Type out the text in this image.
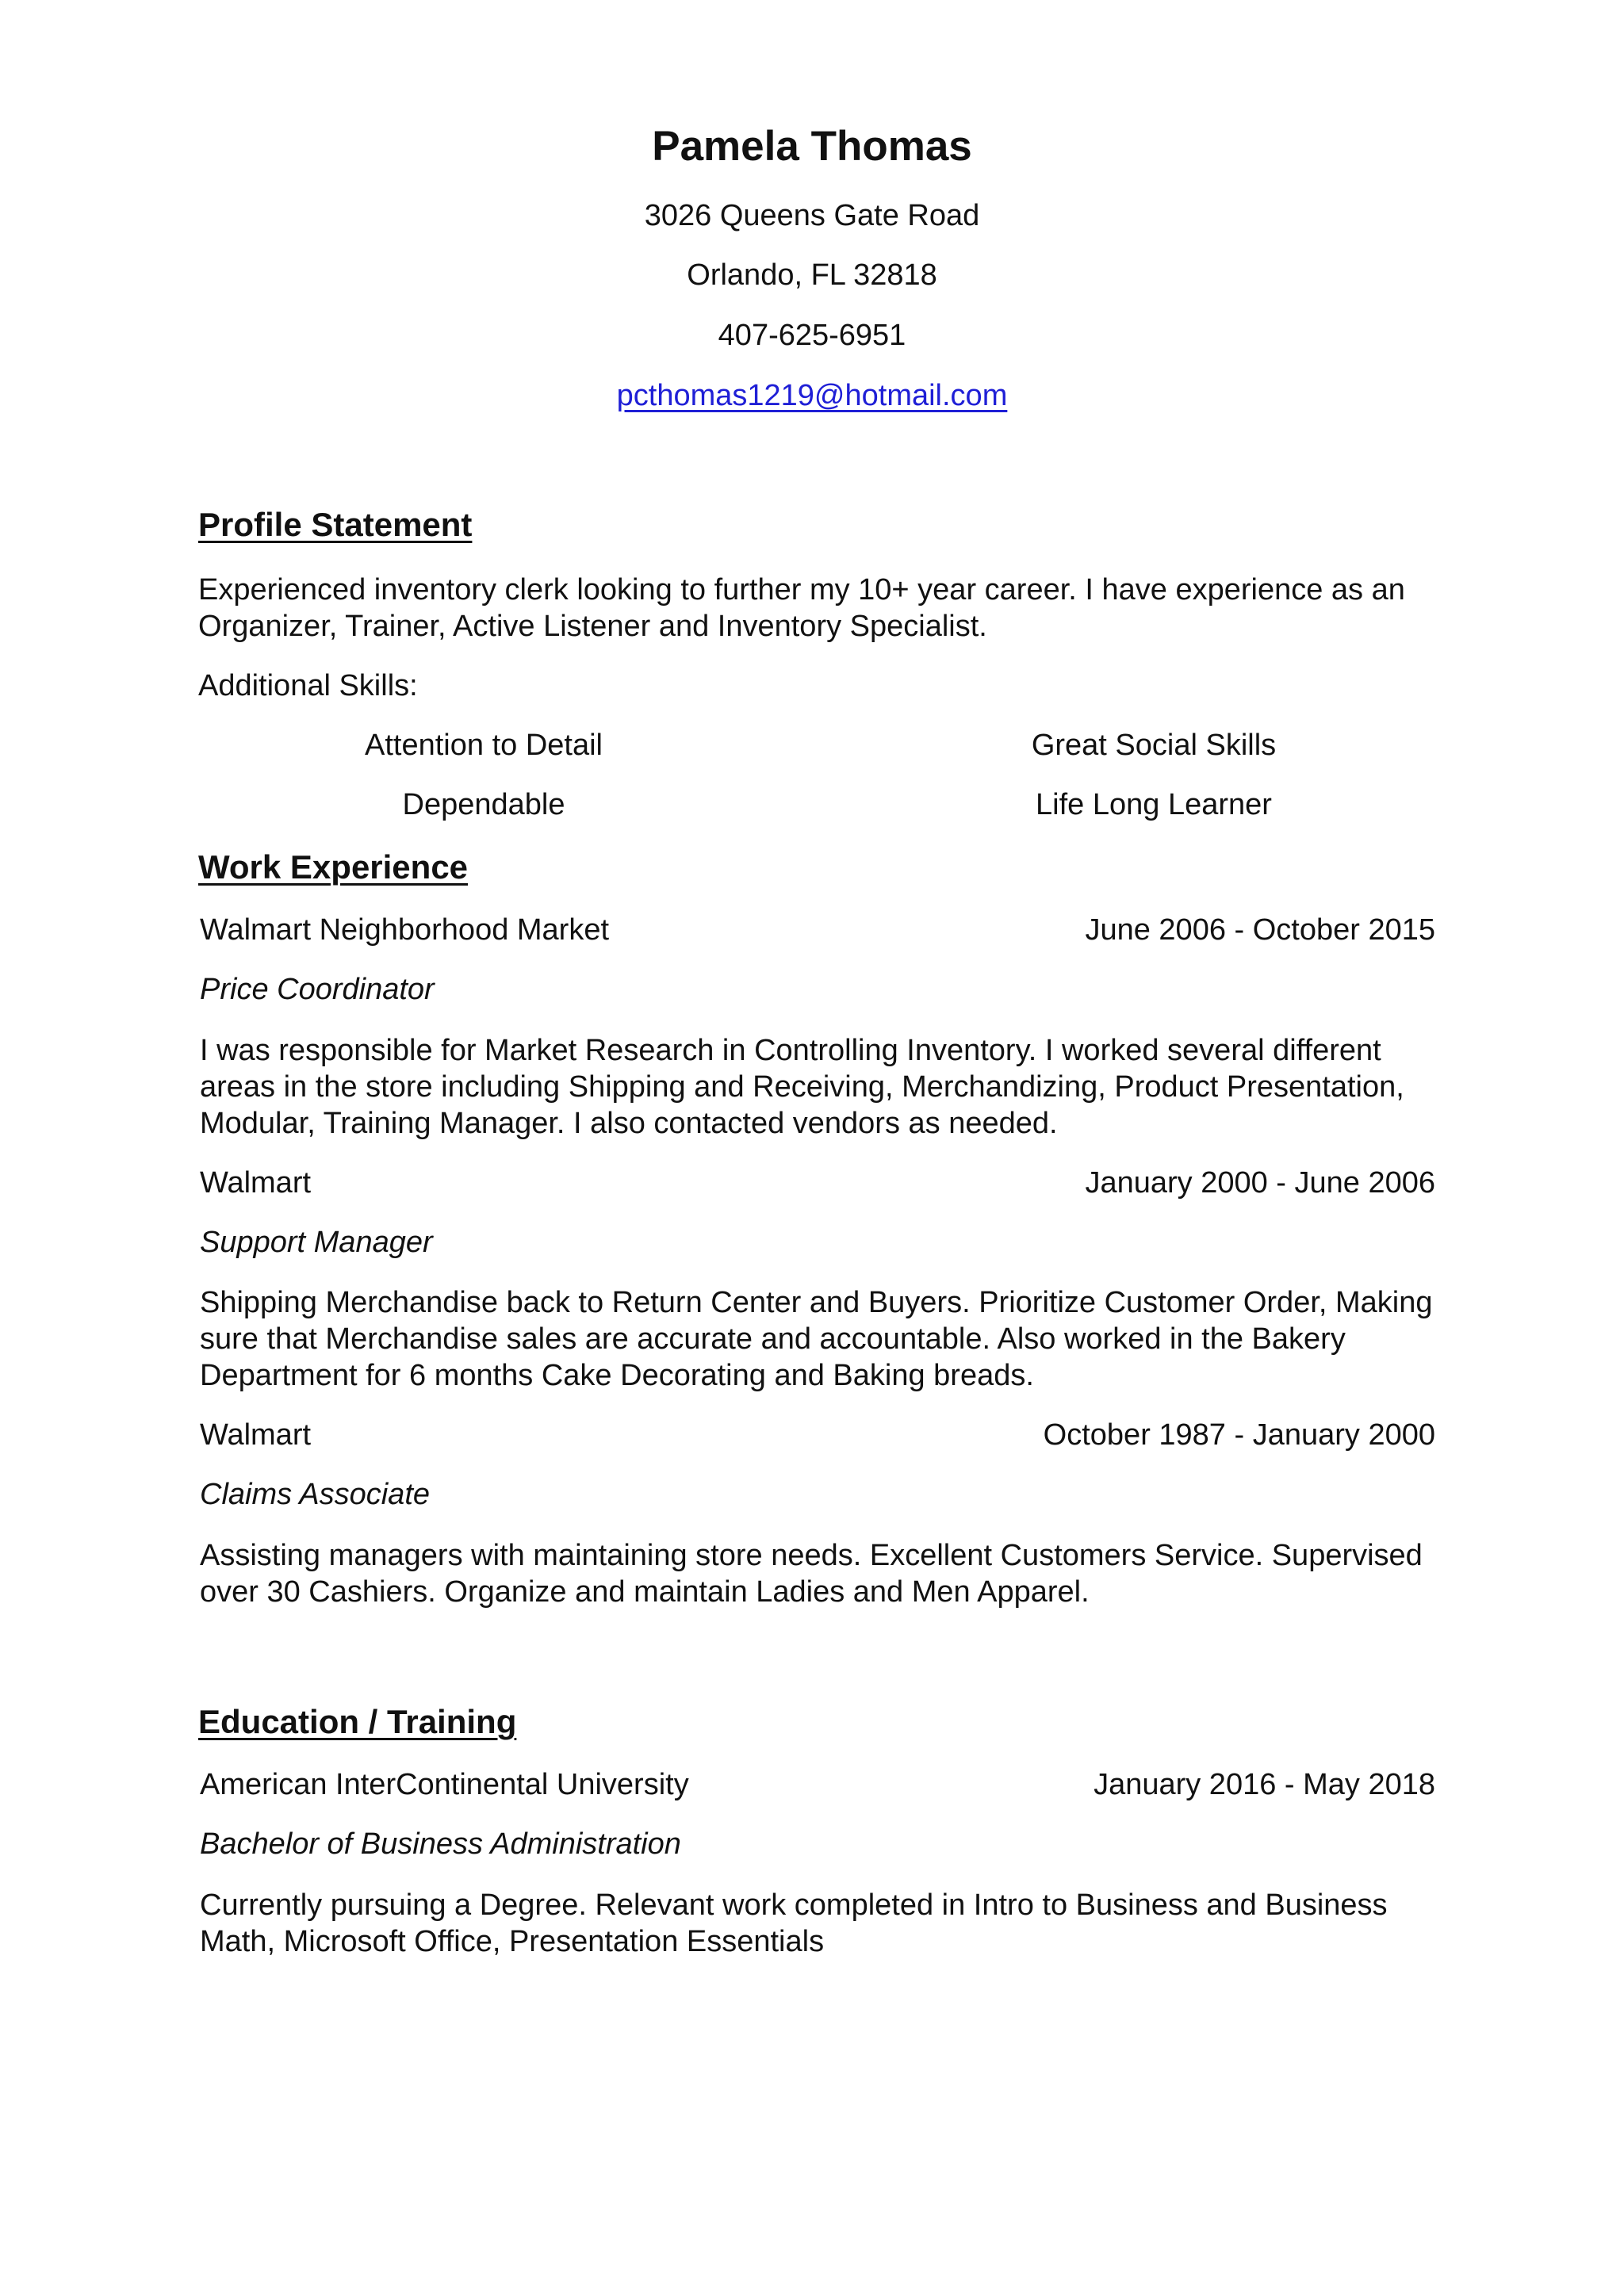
Pamela Thomas
3026 Queens Gate Road
Orlando, FL 32818
407-625-6951
pcthomas1219@hotmail.com
Profile Statement
Experienced inventory clerk looking to further my 10+ year career. I have experience as an Organizer, Trainer, Active Listener and Inventory Specialist.
Additional Skills:
Attention to Detail	Great Social Skills
Dependable	Life Long Learner
Work Experience
Walmart Neighborhood Market	June 2006 - October 2015
Price Coordinator
I was responsible for Market Research in Controlling Inventory. I worked several different areas in the store including Shipping and Receiving, Merchandizing, Product Presentation, Modular, Training Manager. I also contacted vendors as needed.
Walmart	January 2000 - June 2006
Support Manager
Shipping Merchandise back to Return Center and Buyers. Prioritize Customer Order, Making sure that Merchandise sales are accurate and accountable. Also worked in the Bakery Department for 6 months Cake Decorating and Baking breads.
Walmart	October 1987 - January 2000
Claims Associate
Assisting managers with maintaining store needs. Excellent Customers Service. Supervised over 30 Cashiers. Organize and maintain Ladies and Men Apparel.
Education / Training
American InterContinental University	January 2016 - May 2018
Bachelor of Business Administration
Currently pursuing a Degree. Relevant work completed in Intro to Business and Business Math, Microsoft Office, Presentation Essentials
